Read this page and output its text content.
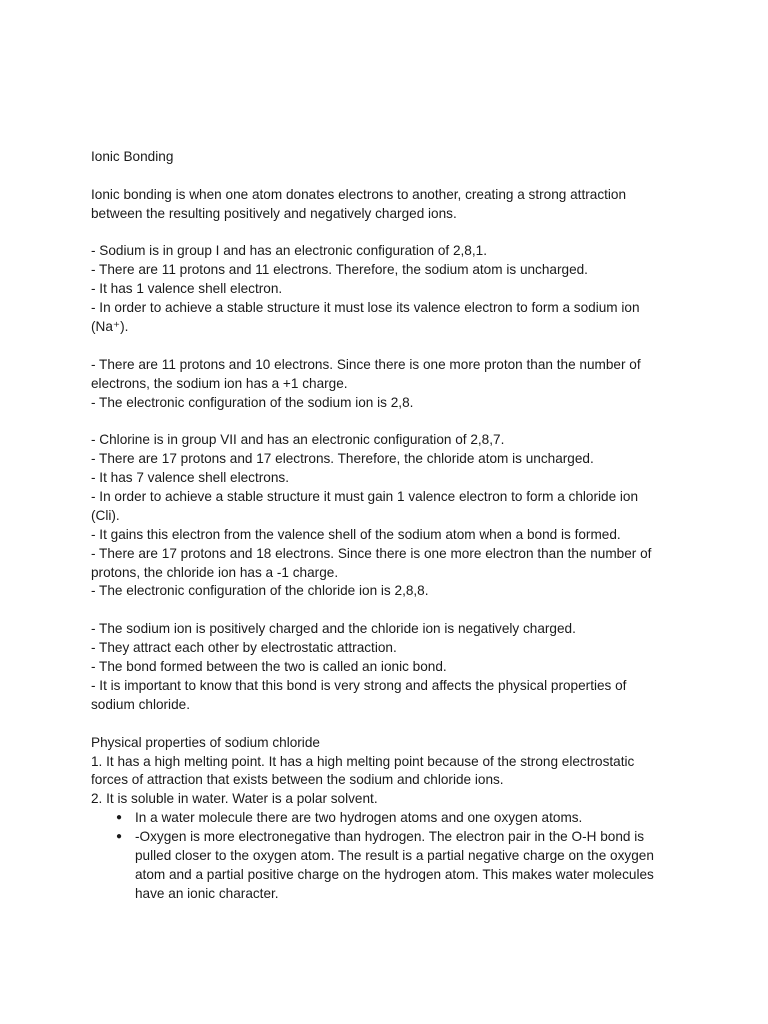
Ionic Bonding
Ionic bonding is when one atom donates electrons to another, creating a strong attraction
between the resulting positively and negatively charged ions.
- Sodium is in group I and has an electronic configuration of 2,8,1.
- There are 11 protons and 11 electrons. Therefore, the sodium atom is uncharged.
- It has 1 valence shell electron.
- In order to achieve a stable structure it must lose its valence electron to form a sodium ion
(Na⁺).
- There are 11 protons and 10 electrons. Since there is one more proton than the number of
electrons, the sodium ion has a +1 charge.
- The electronic configuration of the sodium ion is 2,8.
- Chlorine is in group VII and has an electronic configuration of 2,8,7.
- There are 17 protons and 17 electrons. Therefore, the chloride atom is uncharged.
- It has 7 valence shell electrons.
- In order to achieve a stable structure it must gain 1 valence electron to form a chloride ion
(Cli).
- It gains this electron from the valence shell of the sodium atom when a bond is formed.
- There are 17 protons and 18 electrons. Since there is one more electron than the number of
protons, the chloride ion has a -1 charge.
- The electronic configuration of the chloride ion is 2,8,8.
- The sodium ion is positively charged and the chloride ion is negatively charged.
- They attract each other by electrostatic attraction.
- The bond formed between the two is called an ionic bond.
- It is important to know that this bond is very strong and affects the physical properties of
sodium chloride.
Physical properties of sodium chloride
1. It has a high melting point. It has a high melting point because of the strong electrostatic
forces of attraction that exists between the sodium and chloride ions.
2. It is soluble in water. Water is a polar solvent.
● In a water molecule there are two hydrogen atoms and one oxygen atoms.
● -Oxygen is more electronegative than hydrogen. The electron pair in the O-H bond is
pulled closer to the oxygen atom. The result is a partial negative charge on the oxygen
atom and a partial positive charge on the hydrogen atom. This makes water molecules
have an ionic character.
